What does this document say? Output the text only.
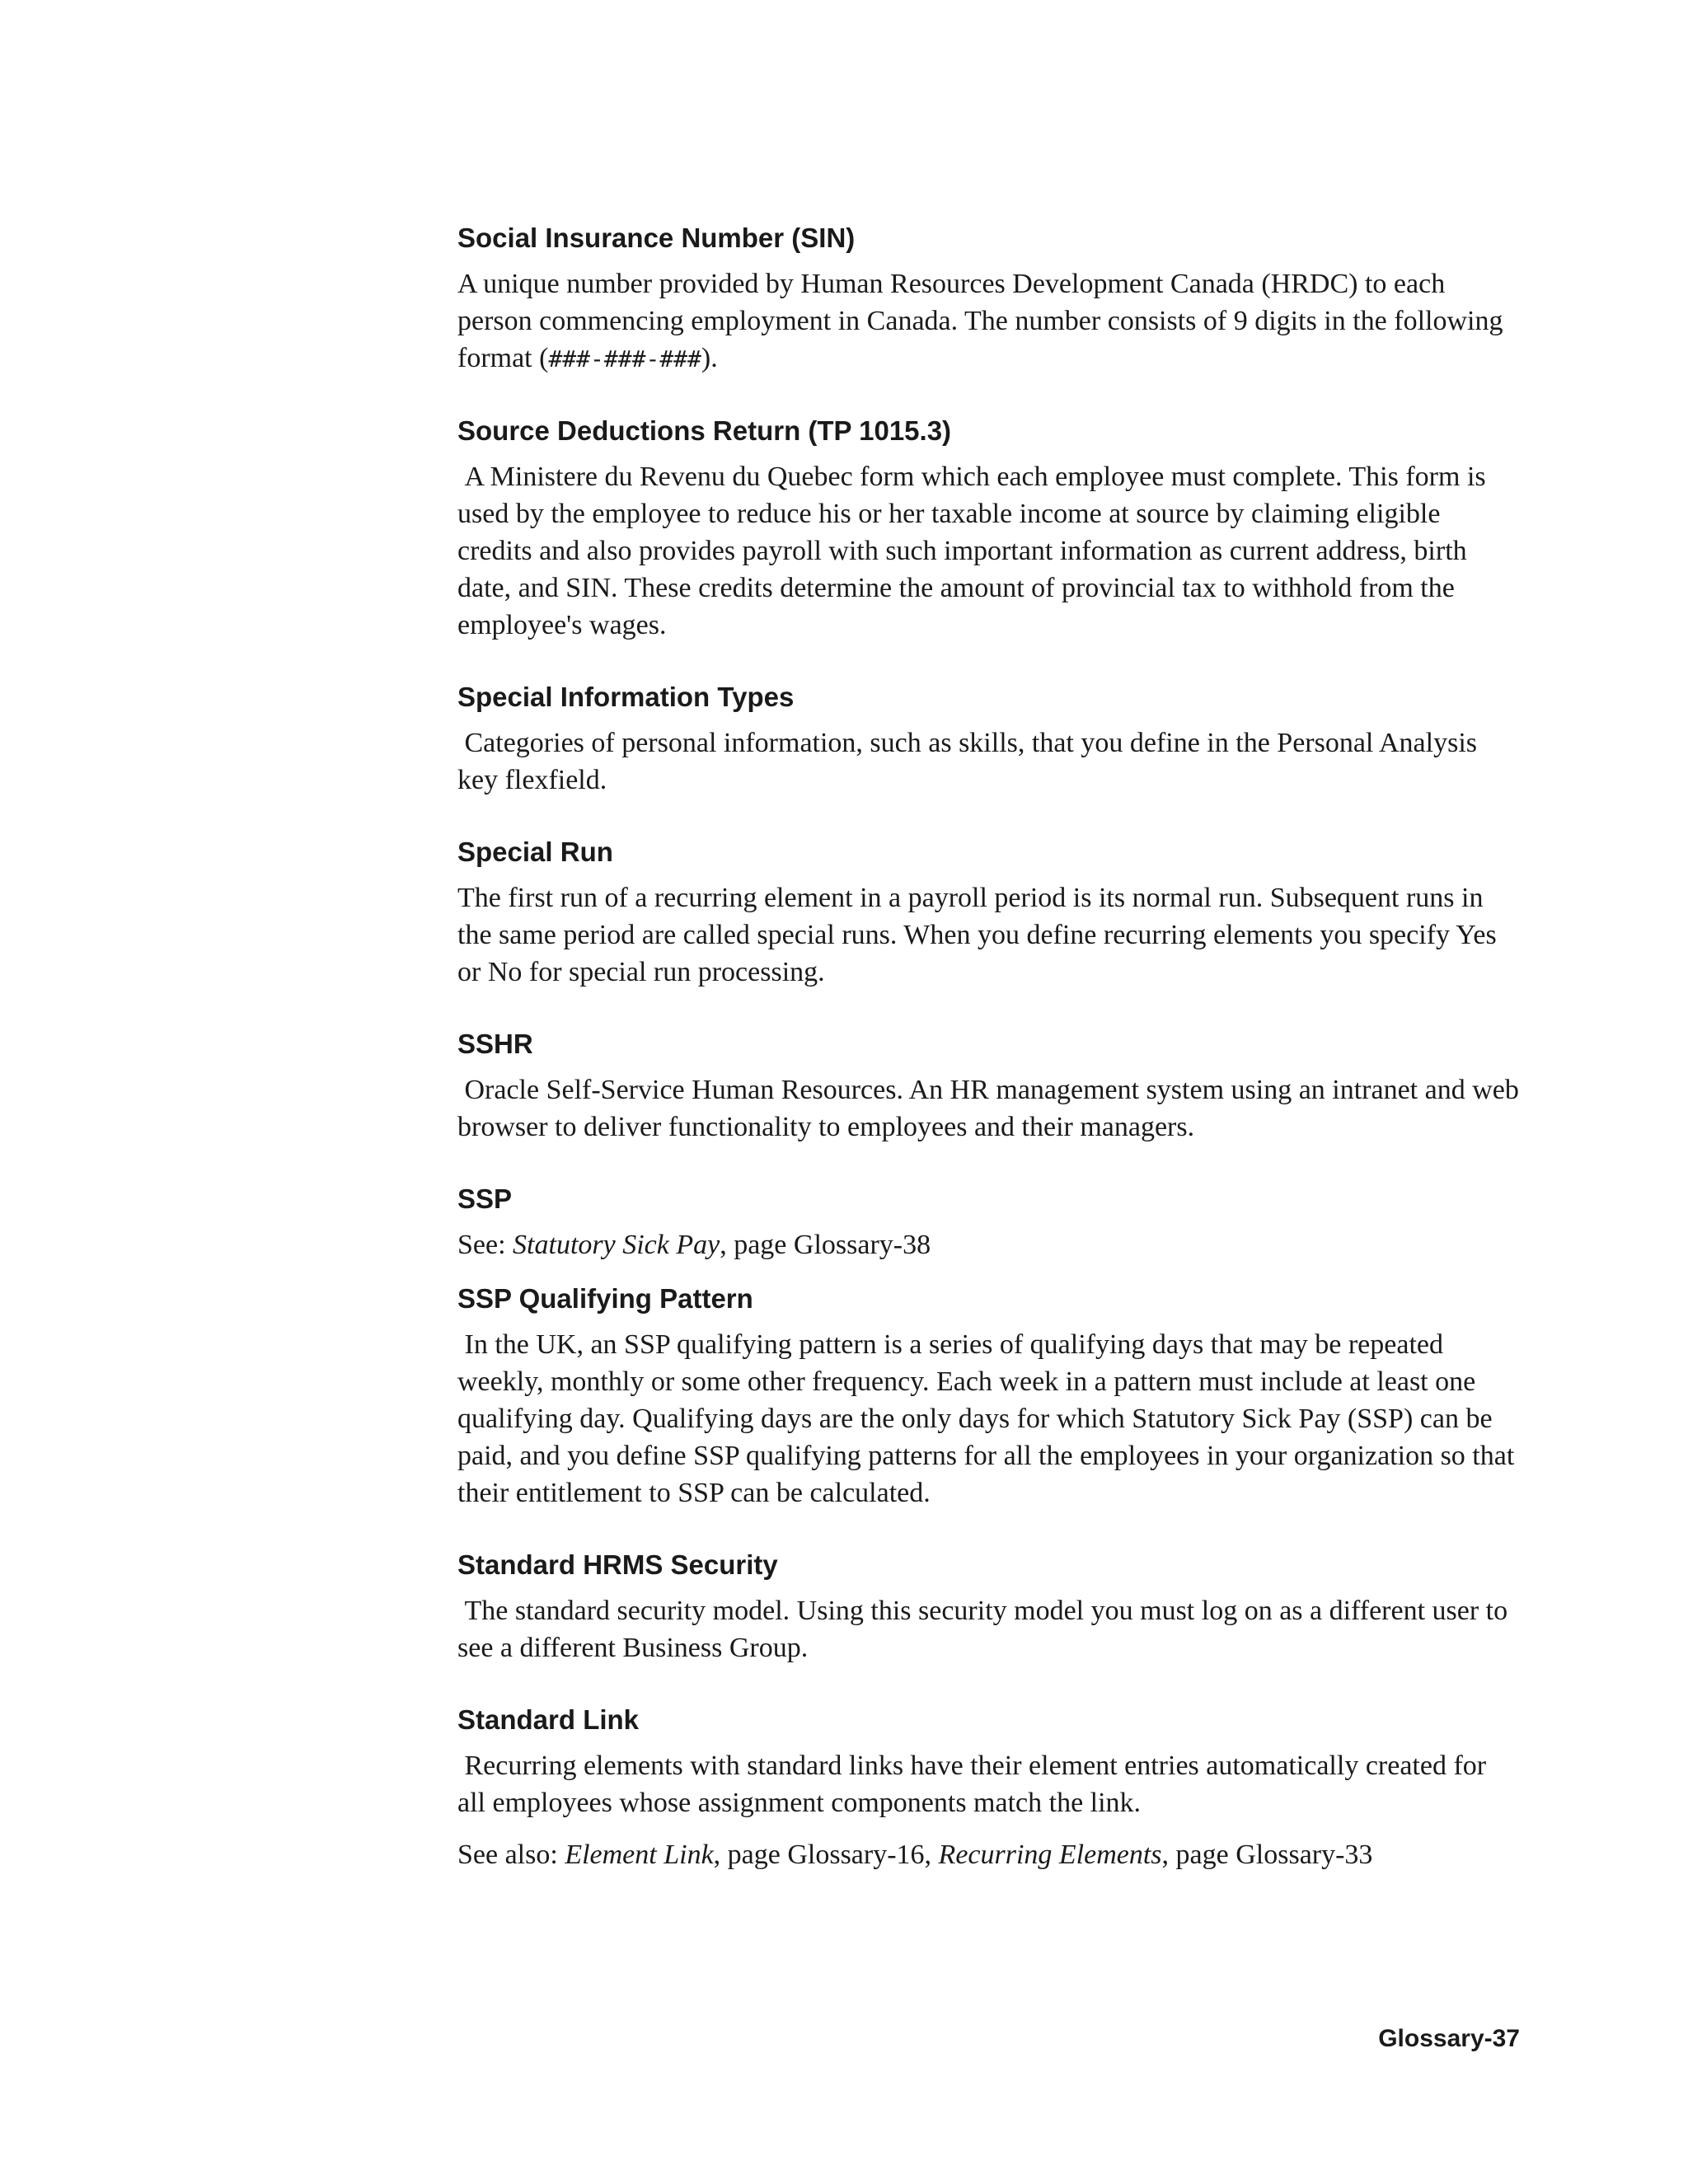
Social Insurance Number (SIN)

A unique number provided by Human Resources Development Canada (HRDC) to each person commencing employment in Canada. The number consists of 9 digits in the following format (###-###-###).

Source Deductions Return (TP 1015.3)

A Ministere du Revenu du Quebec form which each employee must complete. This form is used by the employee to reduce his or her taxable income at source by claiming eligible credits and also provides payroll with such important information as current address, birth date, and SIN. These credits determine the amount of provincial tax to withhold from the employee's wages.

Special Information Types

Categories of personal information, such as skills, that you define in the Personal Analysis key flexfield.

Special Run

The first run of a recurring element in a payroll period is its normal run. Subsequent runs in the same period are called special runs. When you define recurring elements you specify Yes or No for special run processing.

SSHR

Oracle Self-Service Human Resources. An HR management system using an intranet and web browser to deliver functionality to employees and their managers.

SSP

See: Statutory Sick Pay, page Glossary-38

SSP Qualifying Pattern

In the UK, an SSP qualifying pattern is a series of qualifying days that may be repeated weekly, monthly or some other frequency. Each week in a pattern must include at least one qualifying day. Qualifying days are the only days for which Statutory Sick Pay (SSP) can be paid, and you define SSP qualifying patterns for all the employees in your organization so that their entitlement to SSP can be calculated.

Standard HRMS Security

The standard security model. Using this security model you must log on as a different user to see a different Business Group.

Standard Link

Recurring elements with standard links have their element entries automatically created for all employees whose assignment components match the link.

See also: Element Link, page Glossary-16, Recurring Elements, page Glossary-33

Glossary-37
